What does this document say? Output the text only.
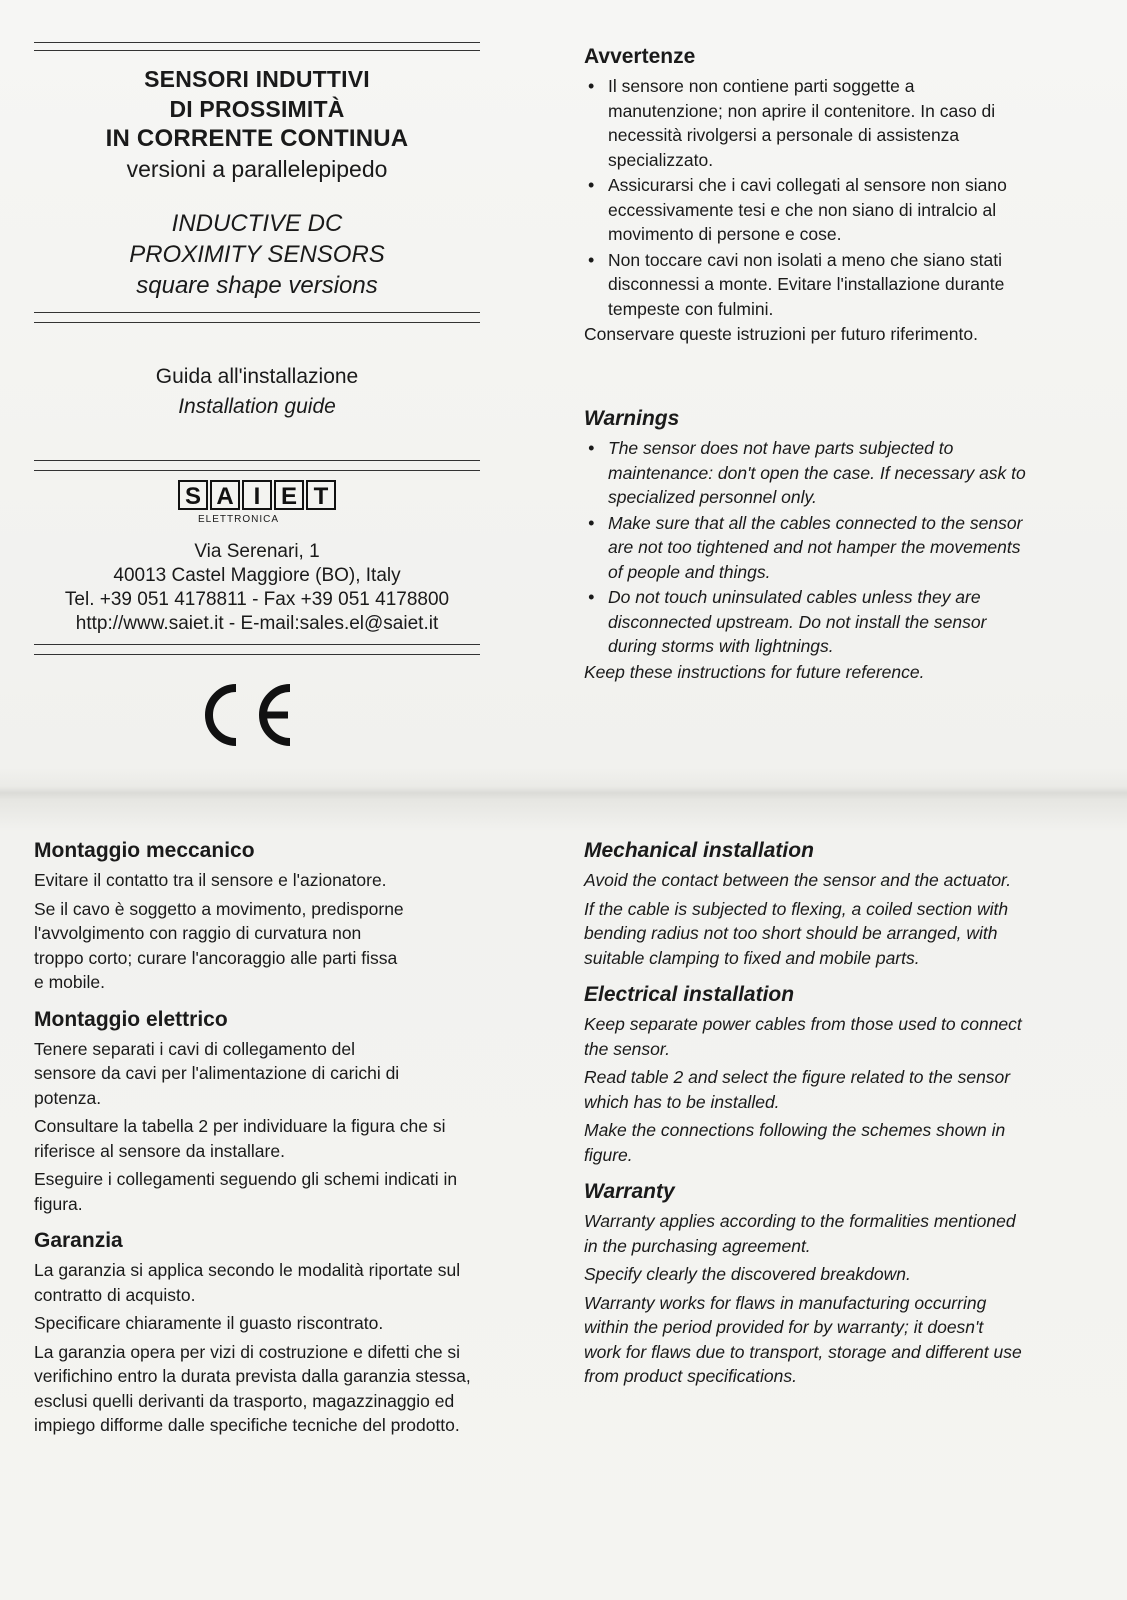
SENSORI INDUTTIVI
DI PROSSIMITÀ
IN CORRENTE CONTINUA
versioni a parallelepipedo
INDUCTIVE DC
PROXIMITY SENSORS
square shape versions
Guida all'installazione
Installation guide
S A I E T
ELETTRONICA
Via Serenari, 1
40013 Castel Maggiore (BO), Italy
Tel. +39 051 4178811 - Fax +39 051 4178800
http://www.saiet.it - E-mail:sales.el@saiet.it
Avvertenze
• Il sensore non contiene parti soggette a manutenzione; non aprire il contenitore. In caso di necessità rivolgersi a personale di assistenza specializzato.
• Assicurarsi che i cavi collegati al sensore non siano eccessivamente tesi e che non siano di intralcio al movimento di persone e cose.
• Non toccare cavi non isolati a meno che siano stati disconnessi a monte. Evitare l'installazione durante tempeste con fulmini.

Conservare queste istruzioni per futuro riferimento.

Warnings
• The sensor does not have parts subjected to maintenance: don't open the case. If necessary ask to specialized personnel only.
• Make sure that all the cables connected to the sensor are not too tightened and not hamper the movements of people and things.
• Do not touch uninsulated cables unless they are disconnected upstream. Do not install the sensor during storms with lightnings.

Keep these instructions for future reference.

Montaggio meccanico

Evitare il contatto tra il sensore e l'azionatore.

Se il cavo è soggetto a movimento, predisporne l'avvolgimento con raggio di curvatura non troppo corto; curare l'ancoraggio alle parti fissa e mobile.

Montaggio elettrico

Tenere separati i cavi di collegamento del sensore da cavi per l'alimentazione di carichi di potenza.

Consultare la tabella 2 per individuare la figura che si riferisce al sensore da installare.

Eseguire i collegamenti seguendo gli schemi indicati in figura.

Garanzia

La garanzia si applica secondo le modalità riportate sul contratto di acquisto.

Specificare chiaramente il guasto riscontrato.

La garanzia opera per vizi di costruzione e difetti che si verifichino entro la durata prevista dalla garanzia stessa, esclusi quelli derivanti da trasporto, magazzinaggio ed impiego difforme dalle specifiche tecniche del prodotto.

Mechanical installation

Avoid the contact between the sensor and the actuator.

If the cable is subjected to flexing, a coiled section with bending radius not too short should be arranged, with suitable clamping to fixed and mobile parts.

Electrical installation

Keep separate power cables from those used to connect the sensor.

Read table 2 and select the figure related to the sensor which has to be installed.

Make the connections following the schemes shown in figure.

Warranty

Warranty applies according to the formalities mentioned in the purchasing agreement.

Specify clearly the discovered breakdown.

Warranty works for flaws in manufacturing occurring within the period provided for by warranty; it doesn't work for flaws due to transport, storage and different use from product specifications.
